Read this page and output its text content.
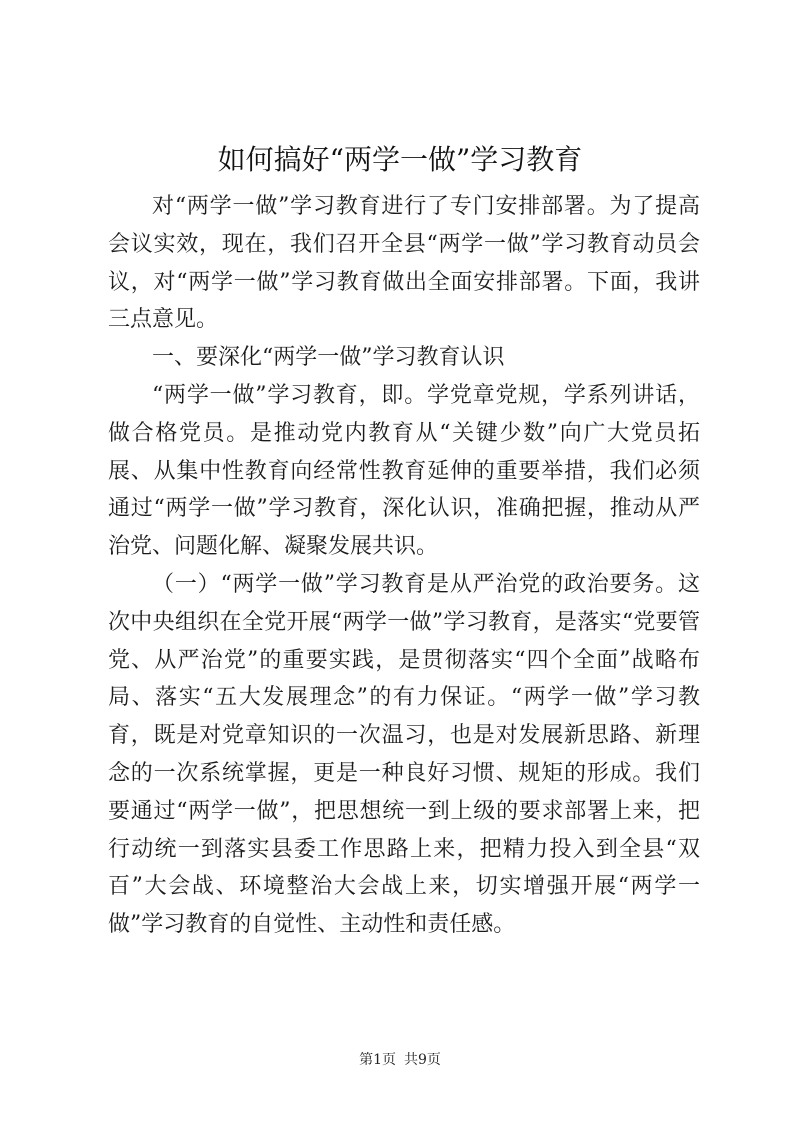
如何搞好“两学一做”学习教育

对“两学一做”学习教育进行了专门安排部署。为了提高会议实效，现在，我们召开全县“两学一做”学习教育动员会议，对“两学一做”学习教育做出全面安排部署。下面，我讲三点意见。

一、要深化“两学一做”学习教育认识

“两学一做”学习教育，即。学党章党规，学系列讲话，做合格党员。是推动党内教育从“关键少数”向广大党员拓展、从集中性教育向经常性教育延伸的重要举措，我们必须通过“两学一做”学习教育，深化认识，准确把握，推动从严治党、问题化解、凝聚发展共识。

（一）“两学一做”学习教育是从严治党的政治要务。这次中央组织在全党开展“两学一做”学习教育，是落实“党要管党、从严治党”的重要实践，是贯彻落实“四个全面”战略布局、落实“五大发展理念”的有力保证。“两学一做”学习教育，既是对党章知识的一次温习，也是对发展新思路、新理念的一次系统掌握，更是一种良好习惯、规矩的形成。我们要通过“两学一做”，把思想统一到上级的要求部署上来，把行动统一到落实县委工作思路上来，把精力投入到全县“双百”大会战、环境整治大会战上来，切实增强开展“两学一做”学习教育的自觉性、主动性和责任感。

第1页 共9页
